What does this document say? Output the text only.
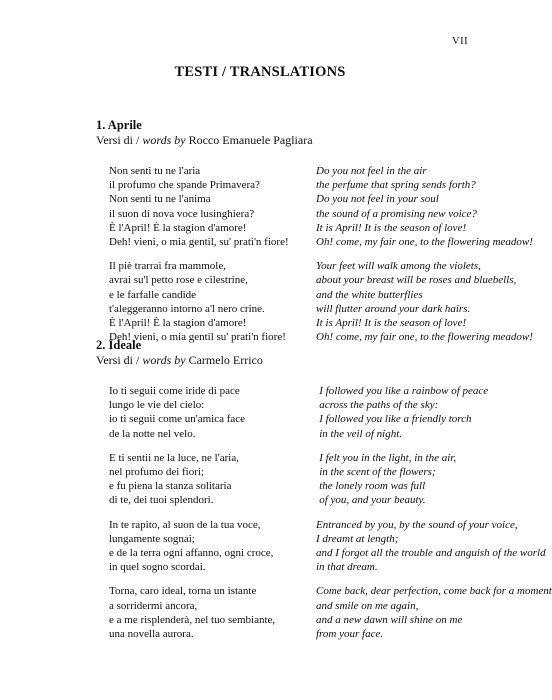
VII
TESTI / TRANSLATIONS
1. Aprile
Versi di / words by Rocco Emanuele Pagliara
Non senti tu ne l'aria
il profumo che spande Primavera?
Non senti tu ne l'anima
il suon di nova voce lusinghiera?
È l'April! È la stagion d'amore!
Deh! vieni, o mia gentil, su' prati'n fiore!
Do you not feel in the air
the perfume that spring sends forth?
Do you not feel in your soul
the sound of a promising new voice?
It is April! It is the season of love!
Oh! come, my fair one, to the flowering meadow!
Il piè trarrai fra mammole,
avrai su'l petto rose e cilestrine,
e le farfalle candide
t'aleggeranno intorno a'l nero crine.
È l'April! È la stagion d'amore!
Deh! vieni, o mia gentil su' prati'n fiore!
Your feet will walk among the violets,
about your breast will be roses and bluebells,
and the white butterflies
will flutter around your dark hairs.
It is April! It is the season of love!
Oh! come, my fair one, to the flowering meadow!
2. Ideale
Versi di / words by Carmelo Errico
Io ti seguii come iride di pace
lungo le vie del cielo:
io ti seguii come un'amica face
de la notte nel velo.
I followed you like a rainbow of peace
across the paths of the sky:
I followed you like a friendly torch
in the veil of night.
E ti sentii ne la luce, ne l'aria,
nel profumo dei fiori;
e fu piena la stanza solitaria
di te, dei tuoi splendori.
I felt you in the light, in the air,
in the scent of the flowers;
the lonely room was full
of you, and your beauty.
In te rapito, al suon de la tua voce,
lungamente sognai;
e de la terra ogni affanno, ogni croce,
in quel sogno scordai.
Entranced by you, by the sound of your voice,
I dreamt at length;
and I forgot all the trouble and anguish of the world
in that dream.
Torna, caro ideal, torna un istante
a sorridermi ancora,
e a me risplenderà, nel tuo sembiante,
una novella aurora.
Come back, dear perfection, come back for a moment
and smile on me again,
and a new dawn will shine on me
from your face.
